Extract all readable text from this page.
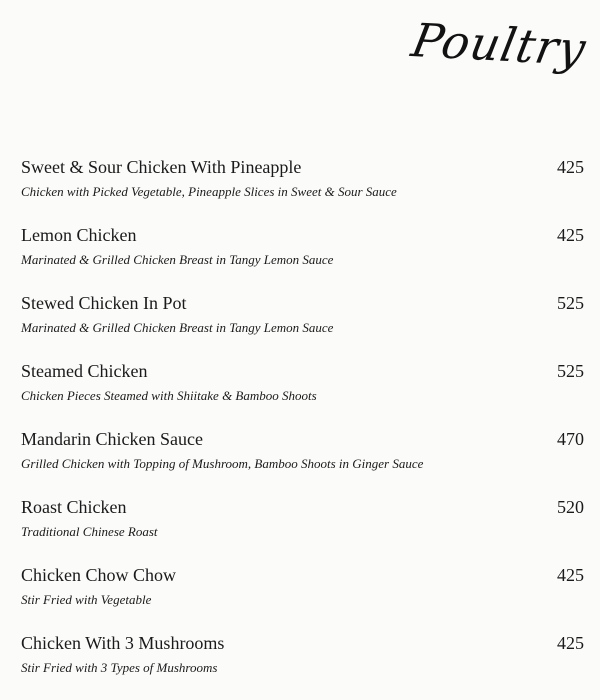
Poultry
Sweet & Sour Chicken With Pineapple
Chicken with Picked Vegetable, Pineapple Slices in Sweet & Sour Sauce
425
Lemon Chicken
Marinated & Grilled Chicken Breast in Tangy Lemon Sauce
425
Stewed Chicken In Pot
Marinated & Grilled Chicken Breast in Tangy Lemon Sauce
525
Steamed Chicken
Chicken Pieces Steamed with Shiitake & Bamboo Shoots
525
Mandarin Chicken Sauce
Grilled Chicken with Topping of Mushroom, Bamboo Shoots in Ginger Sauce
470
Roast Chicken
Traditional Chinese Roast
520
Chicken Chow Chow
Stir Fried with Vegetable
425
Chicken With 3 Mushrooms
Stir Fried with 3 Types of Mushrooms
425
